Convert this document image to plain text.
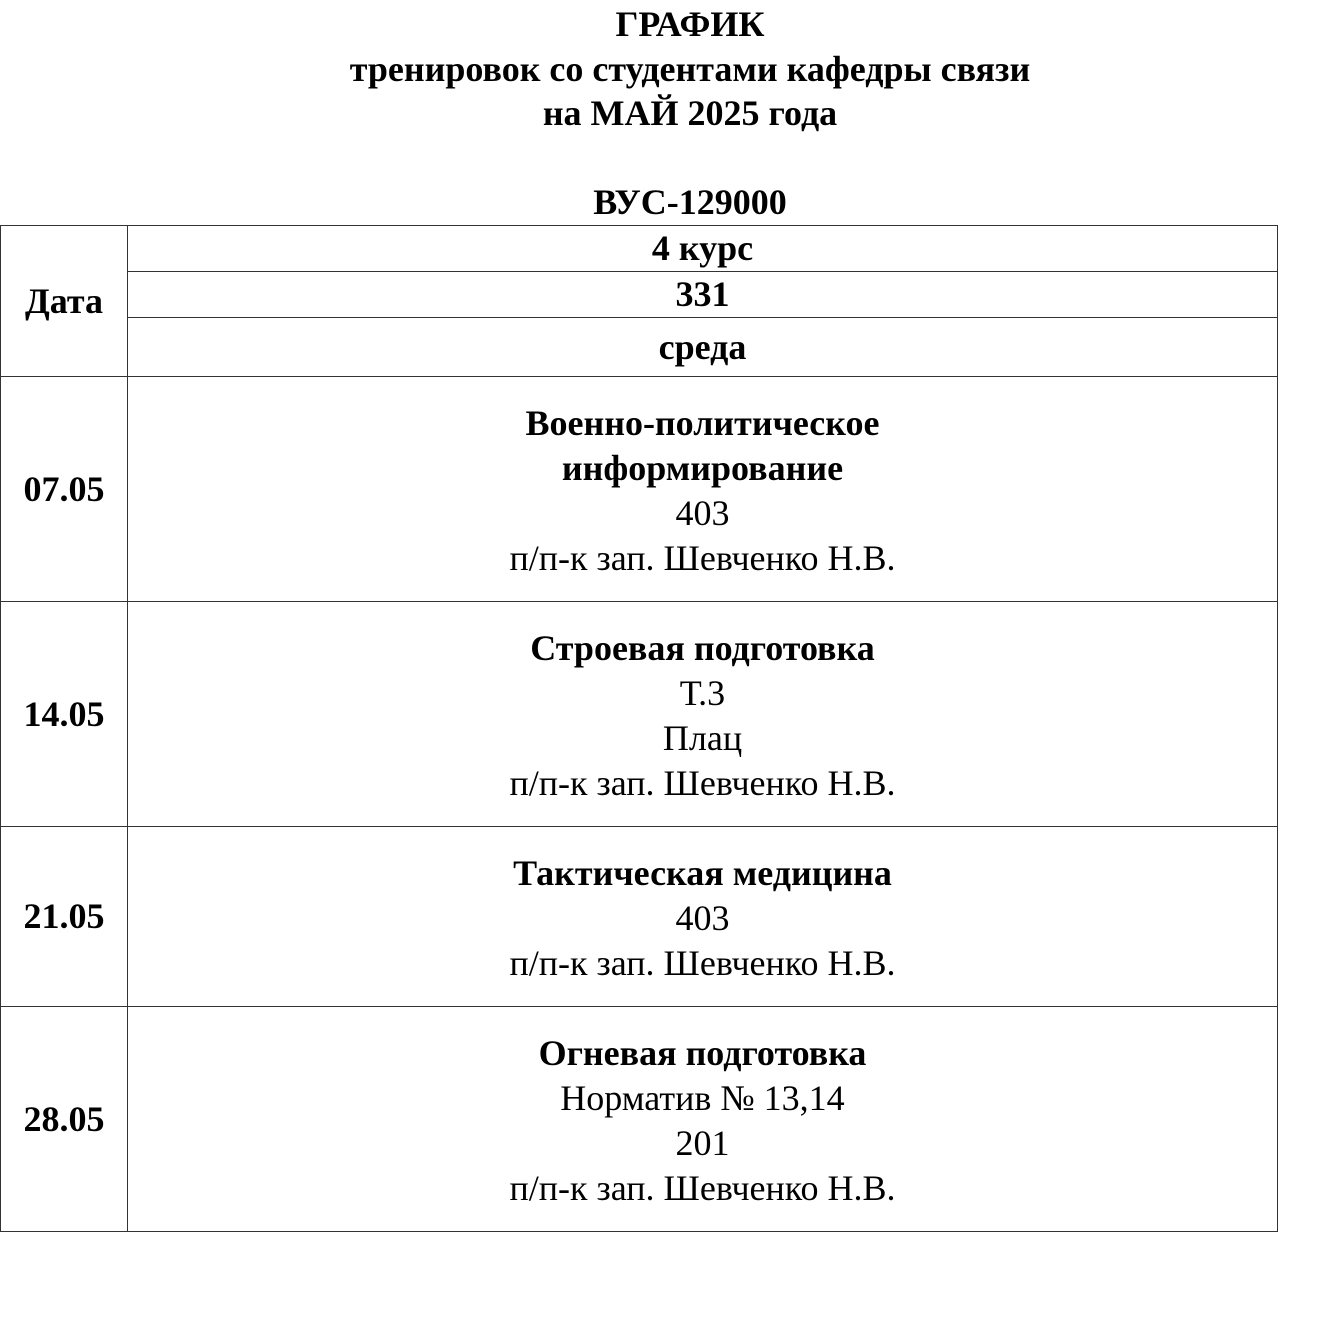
ГРАФИК
тренировок со студентами кафедры связи
на МАЙ 2025 года
ВУС-129000
Дата	4 курс
	331
	среда
07.05	Военно-политическое
информирование
403
п/п-к зап. Шевченко Н.В.

14.05	Строевая подготовка
Т.3
Плац
п/п-к зап. Шевченко Н.В.

21.05	Тактическая медицина
403
п/п-к зап. Шевченко Н.В.

28.05	Огневая подготовка
Норматив № 13,14
201
п/п-к зап. Шевченко Н.В.
